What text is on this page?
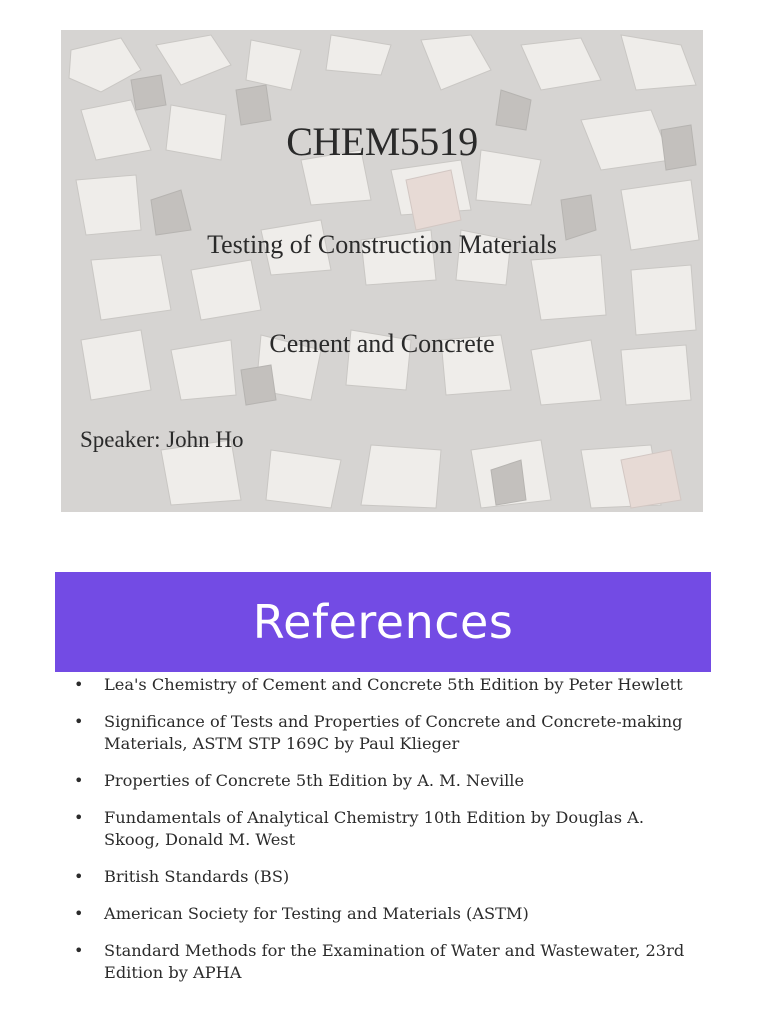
CHEM5519
Testing of Construction Materials
Cement and Concrete
Speaker: John Ho
References
• Lea's Chemistry of Cement and Concrete 5th Edition by Peter Hewlett
• Significance of Tests and Properties of Concrete and Concrete-making Materials, ASTM STP 169C by Paul Klieger
• Properties of Concrete 5th Edition by A. M. Neville
• Fundamentals of Analytical Chemistry 10th Edition by Douglas A. Skoog, Donald M. West
• British Standards (BS)
• American Society for Testing and Materials (ASTM)
• Standard Methods for the Examination of Water and Wastewater, 23rd Edition by APHA
